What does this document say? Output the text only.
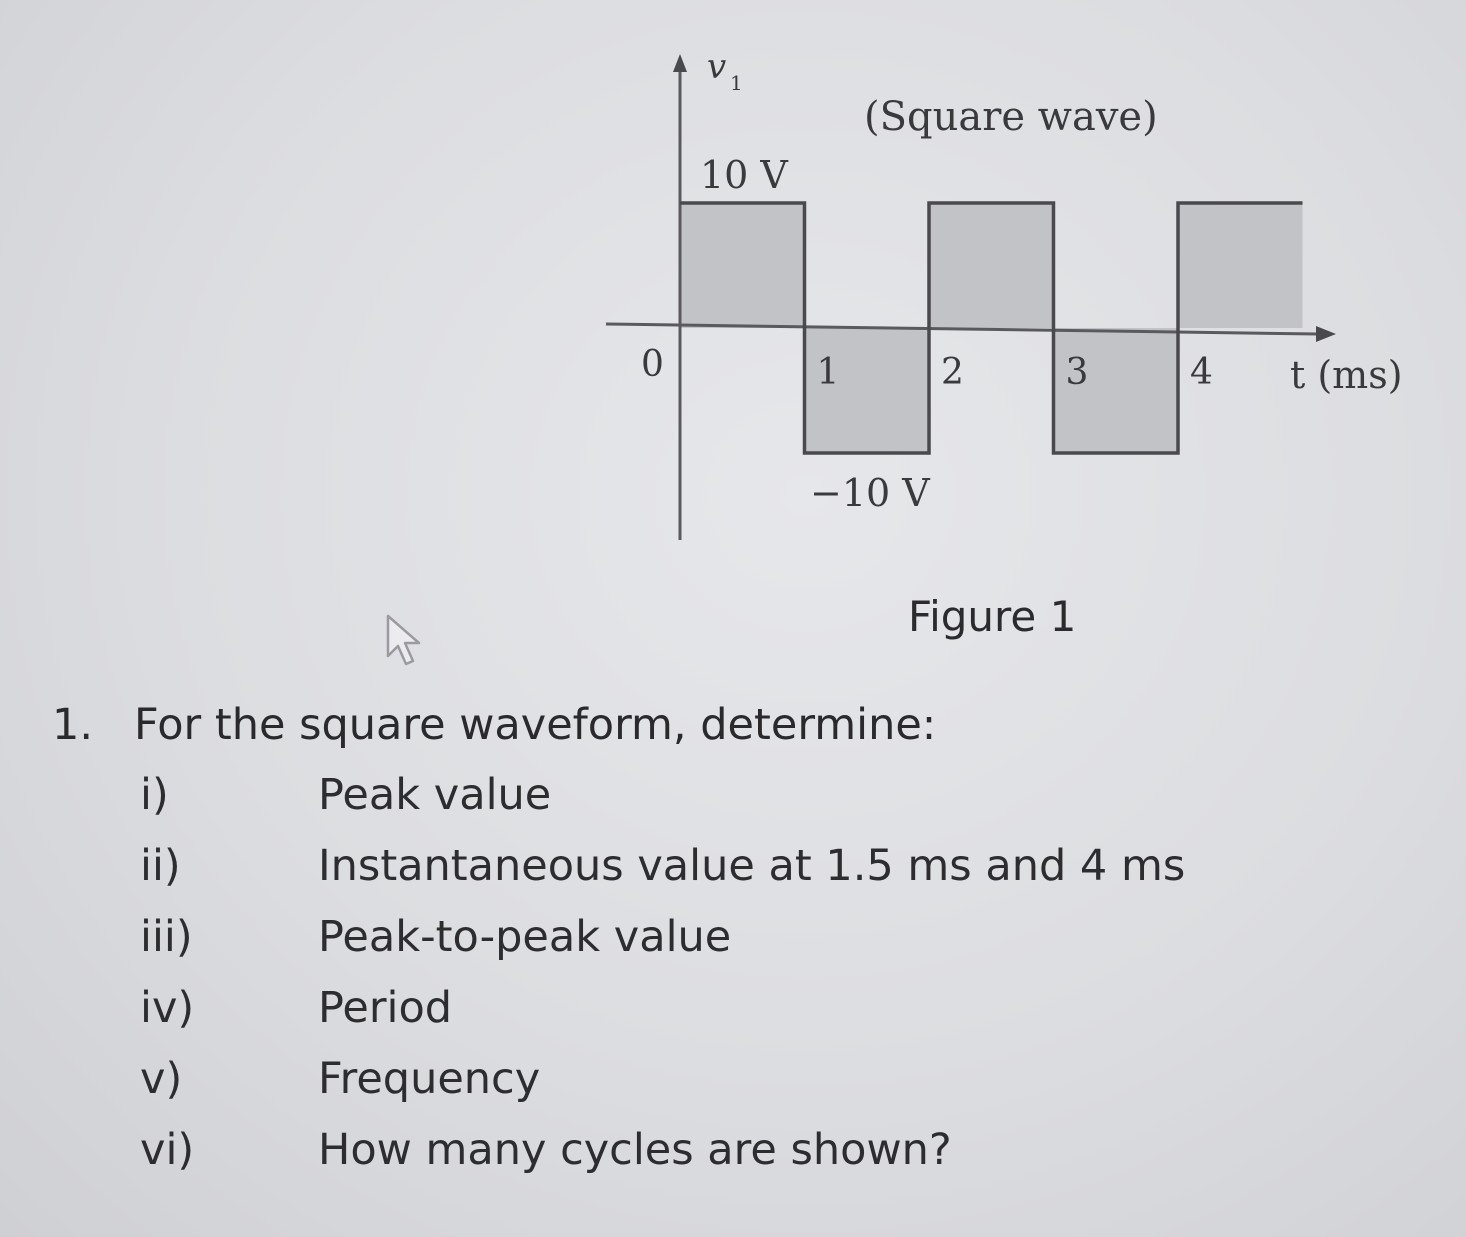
1	2	3	4
v 1
(Square wave)
10 V
−10 V
0	t (ms)
Figure 1
1. For the square waveform, determine:
i)	Peak value
ii)	Instantaneous value at 1.5 ms and 4 ms
iii)	Peak-to-peak value
iv)	Period
v)	Frequency
vi)	How many cycles are shown?
